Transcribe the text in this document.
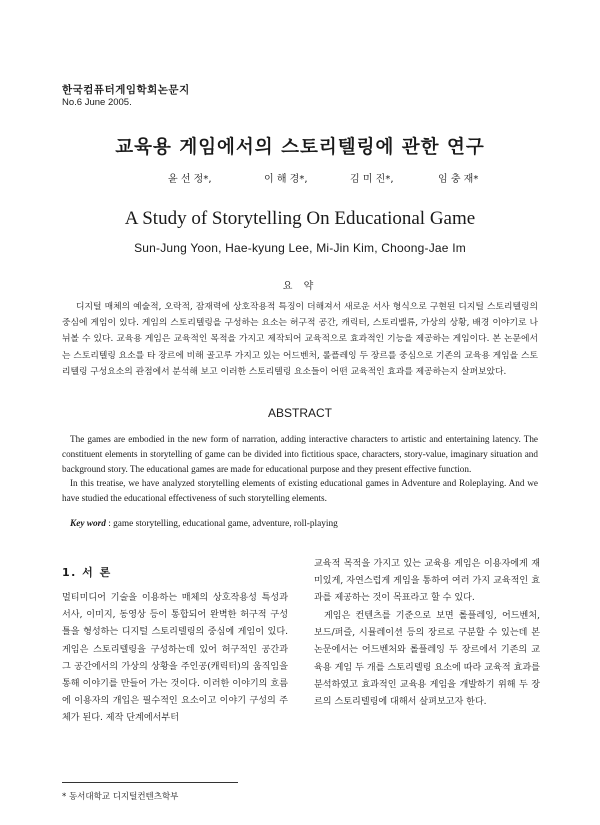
한국컴퓨터게임학회논문지
No.6 June 2005.
교육용 게임에서의 스토리텔링에 관한 연구
윤 선 정*,	이 해 경*,	김 미 진*,	임 충 재*
A Study of Storytelling On Educational Game
Sun-Jung Yoon, Hae-kyung Lee, Mi-Jin Kim, Choong-Jae Im
요 약

디지털 매체의 예술적, 오락적, 잠재력에 상호작용적 특징이 더해져서 새로운 서사 형식으로 구현된 디지털 스토리텔링의 중심에 게임이 있다. 게임의 스토리텔링을 구성하는 요소는 허구적 공간, 캐릭터, 스토리밸류, 가상의 상황, 배경 이야기로 나뉘볼 수 있다. 교육용 게임은 교육적인 목적을 가지고 제작되어 교육적으로 효과적인 기능을 제공하는 게임이다. 본 논문에서는 스토리텔링 요소를 타 장르에 비해 골고루 가지고 있는 어드벤처, 롤플레잉 두 장르를 중심으로 기존의 교육용 게임을 스토리텔링 구성요소의 관점에서 분석해 보고 이러한 스토리텔링 요소들이 어떤 교육적인 효과를 제공하는지 살펴보았다.

ABSTRACT

The games are embodied in the new form of narration, adding interactive characters to artistic and entertaining latency. The constituent elements in storytelling of game can be divided into fictitious space, characters, story-value, imaginary situation and background story. The educational games are made for educational purpose and they present effective function.

In this treatise, we have analyzed storytelling elements of existing educational games in Adventure and Roleplaying. And we have studied the educational effectiveness of such storytelling elements.

Key word : game storytelling, educational game, adventure, roll-playing
1. 서 론

멀티미디어 기술을 이용하는 매체의 상호작용성 특성과 서사, 이미지, 동영상 등이 통합되어 완벽한 허구적 구성 틀을 형성하는 디지털 스토리텔링의 중심에 게임이 있다. 게임은 스토리텔링을 구성하는데 있어 허구적인 공간과 그 공간에서의 가상의 상황을 주인공(캐릭터)의 움직임을 통해 이야기를 만들어 가는 것이다. 이러한 이야기의 흐름에 이용자의 개입은 필수적인 요소이고 이야기 구성의 주체가 된다. 제작 단계에서부터

교육적 목적을 가지고 있는 교육용 게임은 이용자에게 재미있게, 자연스럽게 게임을 통하여 여러 가지 교육적인 효과를 제공하는 것이 목표라고 할 수 있다.

게임은 컨텐츠를 기준으로 보면 롤플레잉, 어드벤처, 보드/퍼즐, 시뮬레이션 등의 장르로 구분할 수 있는데 본 논문에서는 어드벤처와 롤플레잉 두 장르에서 기존의 교육용 게임 두 개를 스토리텔링 요소에 따라 교육적 효과를 분석하였고 효과적인 교육용 게임을 개발하기 위해 두 장르의 스토리텔링에 대해서 살펴보고자 한다.

* 동서대학교 디지털컨텐츠학부
